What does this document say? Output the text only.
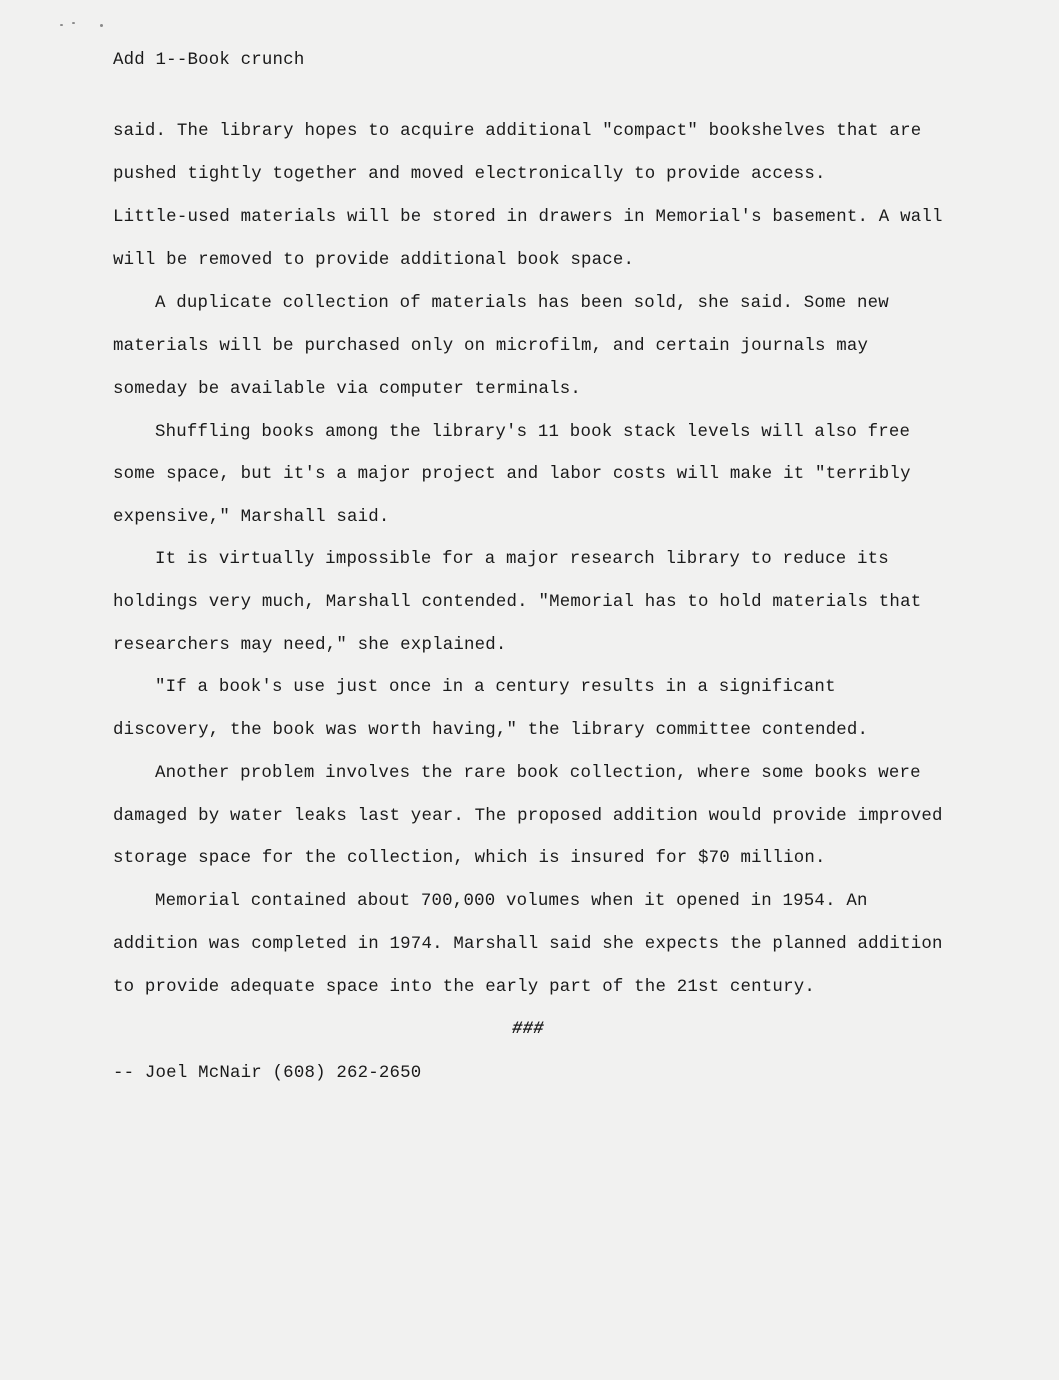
Add 1--Book crunch
said. The library hopes to acquire additional "compact" bookshelves that are
pushed tightly together and moved electronically to provide access.
Little-used materials will be stored in drawers in Memorial's basement. A wall
will be removed to provide additional book space.
A duplicate collection of materials has been sold, she said. Some new
materials will be purchased only on microfilm, and certain journals may
someday be available via computer terminals.
Shuffling books among the library's 11 book stack levels will also free
some space, but it's a major project and labor costs will make it "terribly
expensive," Marshall said.
It is virtually impossible for a major research library to reduce its
holdings very much, Marshall contended. "Memorial has to hold materials that
researchers may need," she explained.
"If a book's use just once in a century results in a significant
discovery, the book was worth having," the library committee contended.
Another problem involves the rare book collection, where some books were
damaged by water leaks last year. The proposed addition would provide improved
storage space for the collection, which is insured for $70 million.
Memorial contained about 700,000 volumes when it opened in 1954. An
addition was completed in 1974. Marshall said she expects the planned addition
to provide adequate space into the early part of the 21st century.
###
-- Joel McNair (608) 262-2650
